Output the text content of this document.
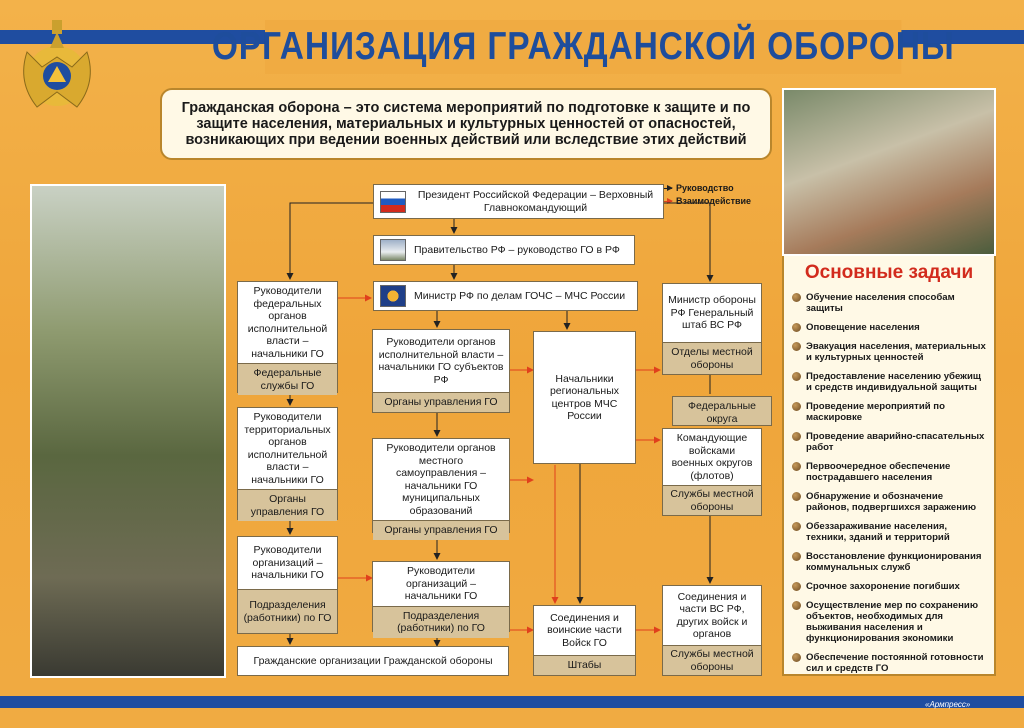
ОРГАНИЗАЦИЯ ГРАЖДАНСКОЙ ОБОРОНЫ
Гражданская оборона – это система мероприятий по подготовке к защите и по защите населения, материальных и культурных ценностей от опасностей, возникающих при ведении военных действий или вследствие этих действий
Основные задачи
Обучение населения способам защиты
Оповещение населения
Эвакуация населения, материальных и культурных ценностей
Предоставление населению убежищ и средств индивидуальной защиты
Проведение мероприятий по маскировке
Проведение аварийно-спасательных работ
Первоочередное обеспечение пострадавшего населения
Обнаружение и обозначение районов, подвергшихся заражению
Обеззараживание населения, техники, зданий и территорий
Восстановление функционирования коммунальных служб
Срочное захоронение погибших
Осуществление мер по сохранению объектов, необходимых для выживания населения и функционирования экономики
Обеспечение постоянной готовности сил и средств ГО
Руководство
Взаимодействие
Президент Российской Федерации – Верховный Главнокомандующий
Правительство РФ – руководство ГО в РФ
Министр РФ по делам ГОЧС – МЧС России
Руководители федеральных органов исполнительной власти – начальники ГО
Федеральные службы ГО
Руководители территориальных органов исполнительной власти – начальники ГО
Органы управления ГО
Руководители организаций – начальники ГО
Подразделения (работники) по ГО
Гражданские организации Гражданской обороны
Руководители органов исполнительной власти – начальники ГО субъектов РФ
Органы управления ГО
Руководители органов местного самоуправления – начальники ГО муниципальных образований
Органы управления ГО
Руководители организаций – начальники ГО
Подразделения (работники) по ГО
Начальники региональных центров МЧС России
Соединения и воинские части Войск ГО
Штабы
Министр обороны РФ Генеральный штаб ВС РФ
Отделы местной обороны
Федеральные округа
Командующие войсками военных округов (флотов)
Службы местной обороны
Соединения и части ВС РФ, других войск и органов
Службы местной обороны
«Армпресс»
